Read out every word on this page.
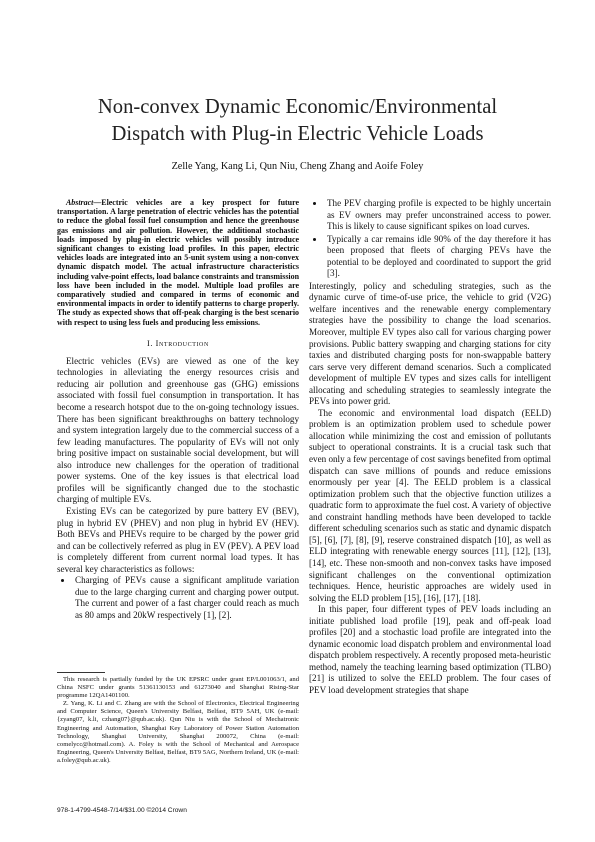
Non-convex Dynamic Economic/Environmental
Dispatch with Plug-in Electric Vehicle Loads
Zelle Yang, Kang Li, Qun Niu, Cheng Zhang and Aoife Foley

Abstract—Electric vehicles are a key prospect for future transportation. A large penetration of electric vehicles has the potential to reduce the global fossil fuel consumption and hence the greenhouse gas emissions and air pollution. However, the additional stochastic loads imposed by plug-in electric vehicles will possibly introduce significant changes to existing load profiles. In this paper, electric vehicles loads are integrated into an 5-unit system using a non-convex dynamic dispatch model. The actual infrastructure characteristics including valve-point effects, load balance constraints and transmission loss have been included in the model. Multiple load profiles are comparatively studied and compared in terms of economic and environmental impacts in order to identify patterns to charge properly. The study as expected shows that off-peak charging is the best scenario with respect to using less fuels and producing less emissions.

I. Introduction

Electric vehicles (EVs) are viewed as one of the key technologies in alleviating the energy resources crisis and reducing air pollution and greenhouse gas (GHG) emissions associated with fossil fuel consumption in transportation. It has become a research hotspot due to the on-going technology issues. There has been significant breakthroughs on battery technology and system integration largely due to the commercial success of a few leading manufactures. The popularity of EVs will not only bring positive impact on sustainable social development, but will also introduce new challenges for the operation of traditional power systems. One of the key issues is that electrical load profiles will be significantly changed due to the stochastic charging of multiple EVs.

Existing EVs can be categorized by pure battery EV (BEV), plug in hybrid EV (PHEV) and non plug in hybrid EV (HEV). Both BEVs and PHEVs require to be charged by the power grid and can be collectively referred as plug in EV (PEV). A PEV load is completely different from current normal load types. It has several key characteristics as follows:

• Charging of PEVs cause a significant amplitude variation due to the large charging current and charging power output. The current and power of a fast charger could reach as much as 80 amps and 20kW respectively [1], [2].
• The PEV charging profile is expected to be highly uncertain as EV owners may prefer unconstrained access to power. This is likely to cause significant spikes on load curves.
• Typically a car remains idle 90% of the day therefore it has been proposed that fleets of charging PEVs have the potential to be deployed and coordinated to support the grid [3].

Interestingly, policy and scheduling strategies, such as the dynamic curve of time-of-use price, the vehicle to grid (V2G) welfare incentives and the renewable energy complementary strategies have the possibility to change the load scenarios. Moreover, multiple EV types also call for various charging power provisions. Public battery swapping and charging stations for city taxies and distributed charging posts for non-swappable battery cars serve very different demand scenarios. Such a complicated development of multiple EV types and sizes calls for intelligent allocating and scheduling strategies to seamlessly integrate the PEVs into power grid.

The economic and environmental load dispatch (EELD) problem is an optimization problem used to schedule power allocation while minimizing the cost and emission of pollutants subject to operational constraints. It is a crucial task such that even only a few percentage of cost savings benefited from optimal dispatch can save millions of pounds and reduce emissions enormously per year [4]. The EELD problem is a classical optimization problem such that the objective function utilizes a quadratic form to approximate the fuel cost. A variety of objective and constraint handling methods have been developed to tackle different scheduling scenarios such as static and dynamic dispatch [5], [6], [7], [8], [9], reserve constrained dispatch [10], as well as ELD integrating with renewable energy sources [11], [12], [13], [14], etc. These non-smooth and non-convex tasks have imposed significant challenges on the conventional optimization techniques. Hence, heuristic approaches are widely used in solving the ELD problem [15], [16], [17], [18].

In this paper, four different types of PEV loads including an initiate published load profile [19], peak and off-peak load profiles [20] and a stochastic load profile are integrated into the dynamic economic load dispatch problem and environmental load dispatch problem respectively. A recently proposed meta-heuristic method, namely the teaching learning based optimization (TLBO) [21] is utilized to solve the EELD problem. The four cases of PEV load development strategies that shape

This research is partially funded by the UK EPSRC under grant EP/L001063/1, and China NSFC under grants 51361130153 and 61273040 and Shanghai Rising-Star programme 12QA1401100.

Z. Yang, K. Li and C. Zhang are with the School of Electronics, Electrical Engineering and Computer Science, Queen's University Belfast, Belfast, BT9 5AH, UK (e-mail: {zyang07, k.li, czhang07}@qub.ac.uk). Qun Niu is with the School of Mechatronic Engineering and Automation, Shanghai Key Laboratory of Power Station Automation Technology, Shanghai University, Shanghai 200072, China (e-mail: comelycc@hotmail.com). A. Foley is with the School of Mechanical and Aerospace Engineering, Queen's University Belfast, Belfast, BT9 5AG, Northern Ireland, UK (e-mail: a.foley@qub.ac.uk).

978-1-4799-4548-7/14/$31.00 ©2014 Crown
